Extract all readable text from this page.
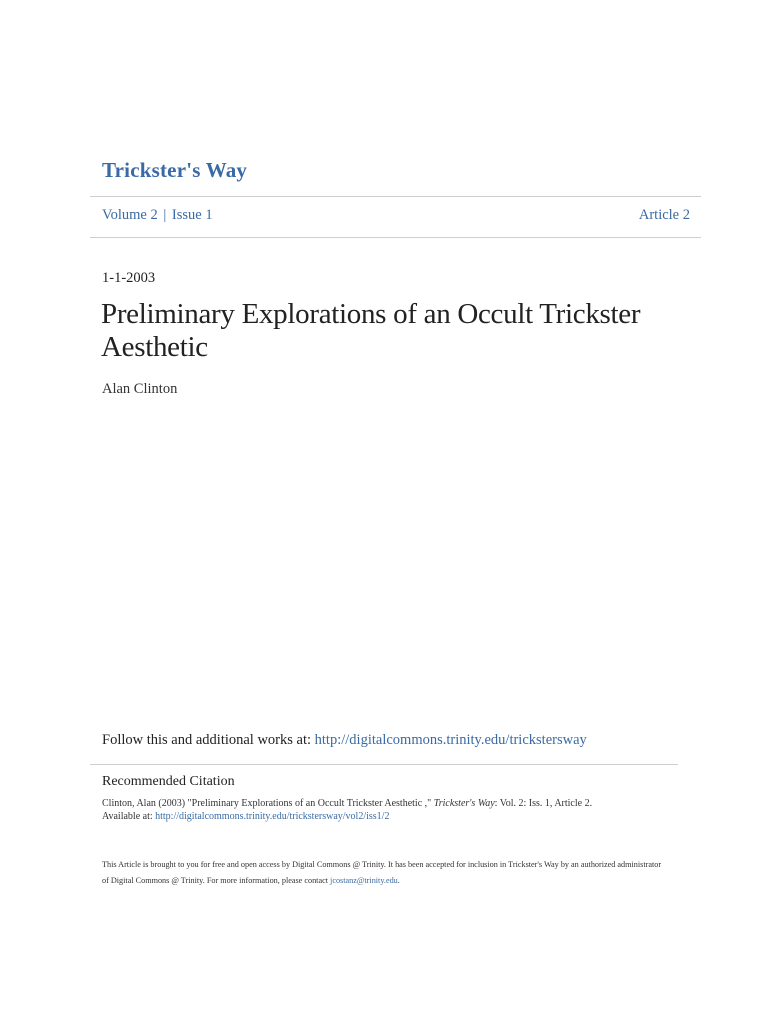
Trickster's Way
Volume 2 | Issue 1	Article 2
1-1-2003
Preliminary Explorations of an Occult Trickster Aesthetic
Alan Clinton
Follow this and additional works at: http://digitalcommons.trinity.edu/trickstersway
Recommended Citation
Clinton, Alan (2003) "Preliminary Explorations of an Occult Trickster Aesthetic ," Trickster's Way: Vol. 2: Iss. 1, Article 2.
Available at: http://digitalcommons.trinity.edu/trickstersway/vol2/iss1/2
This Article is brought to you for free and open access by Digital Commons @ Trinity. It has been accepted for inclusion in Trickster's Way by an authorized administrator of Digital Commons @ Trinity. For more information, please contact jcostanz@trinity.edu.
